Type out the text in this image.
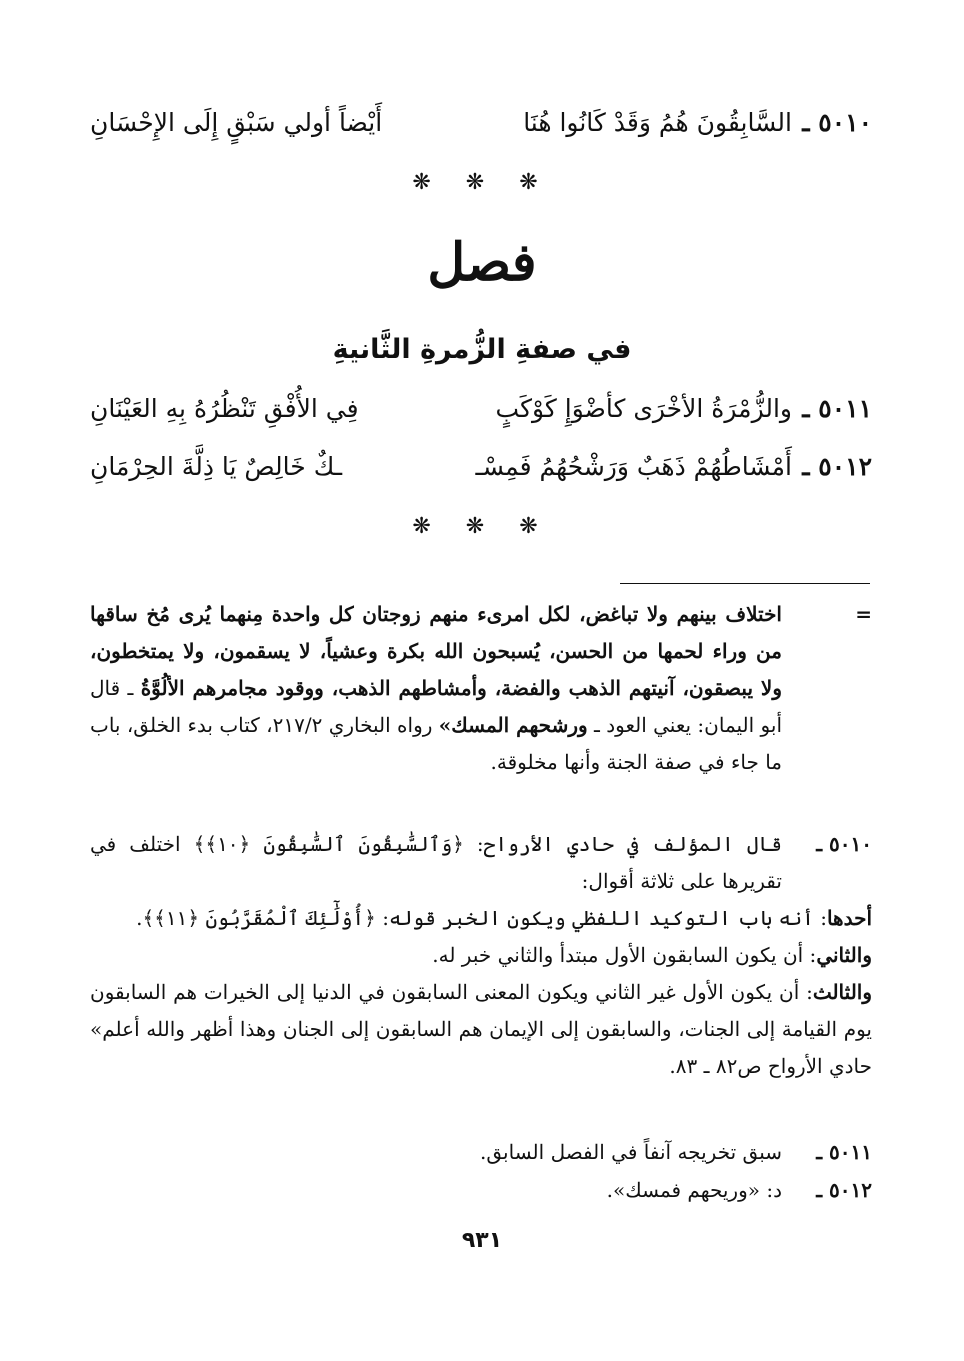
٥٠١٠ ـ
السَّابِقُونَ هُمُ وَقَدْ كَانُوا هُنَا
أَيْضاً أولي سَبْقٍ إِلَى الإِحْسَانِ
❋ ❋ ❋
فصل
في صفةِ الزُّمرةِ الثَّانيةِ
٥٠١١ ـ
والزُّمْرَةُ الأخْرَى كأضْوَإِ كَوْكَبٍ
فِي الأُفْقِ تَنْظُرُهُ بِهِ العَيْنَانِ
٥٠١٢ ـ
أَمْشَاطُهُمْ ذَهَبٌ وَرَشْحُهُمُ فَمِسْـ
ـكٌ خَالِصٌ يَا ذِلَّةَ الحِرْمَانِ
❋ ❋ ❋
=
اختلاف بينهم ولا تباغض، لكل امرىء منهم زوجتان كل واحدة مِنهما يُرى مُخ ساقها من وراء لحمها من الحسن، يُسبحون الله بكرة وعشياً، لا يسقمون، ولا يمتخطون، ولا يبصقون، آنيتهم الذهب والفضة، وأمشاطهم الذهب، ووقود مجامرهم الألُوَّةُ ـ قال أبو اليمان: يعني العود ـ ورشحهم المسك» رواه البخاري ٢١٧/٢، كتاب بدء الخلق، باب ما جاء في صفة الجنة وأنها مخلوقة.
٥٠١٠ ـ
قال المؤلف في حادي الأرواح: ﴿وَٱلسَّٰبِقُونَ ٱلسَّٰبِقُونَ ﴿١٠﴾﴾ اختلف في تقريرها على ثلاثة أقوال:
أحدها: أنه باب التوكيد اللفظي ويكون الخبر قوله: ﴿أُوْلَٰٓئِكَ ٱلْمُقَرَّبُونَ ﴿١١﴾﴾.
والثاني: أن يكون السابقون الأول مبتدأ والثاني خبر له.
والثالث: أن يكون الأول غير الثاني ويكون المعنى السابقون في الدنيا إلى الخيرات هم السابقون يوم القيامة إلى الجنات، والسابقون إلى الإيمان هم السابقون إلى الجنان وهذا أظهر والله أعلم» حادي الأرواح ص٨٢ ـ ٨٣.
٥٠١١ ـ
سبق تخريجه آنفاً في الفصل السابق.
٥٠١٢ ـ
د: «وريحهم فمسك».
٩٣١
